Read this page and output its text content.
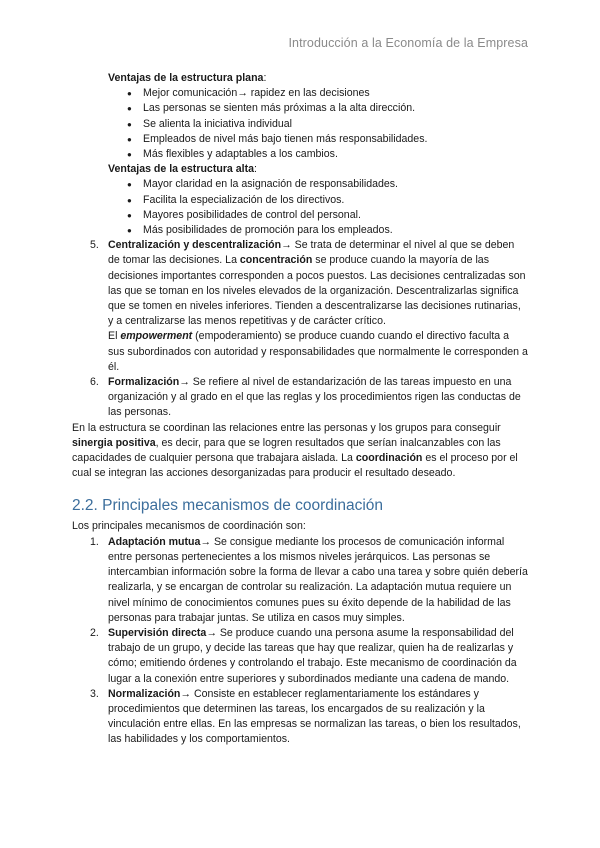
Introducción a la Economía de la Empresa

Ventajas de la estructura plana:

● Mejor comunicación→ rapidez en las decisiones
● Las personas se sienten más próximas a la alta dirección.
● Se alienta la iniciativa individual
● Empleados de nivel más bajo tienen más responsabilidades.
● Más flexibles y adaptables a los cambios.

Ventajas de la estructura alta:

● Mayor claridad en la asignación de responsabilidades.
● Facilita la especialización de los directivos.
● Mayores posibilidades de control del personal.
● Más posibilidades de promoción para los empleados.
5. Centralización y descentralización→ Se trata de determinar el nivel al que se deben de tomar las decisiones. La concentración se produce cuando la mayoría de las decisiones importantes corresponden a pocos puestos. Las decisiones centralizadas son las que se toman en los niveles elevados de la organización. Descentralizarlas significa que se tomen en niveles inferiores. Tienden a descentralizarse las decisiones rutinarias, y a centralizarse las menos repetitivas y de carácter crítico.

El empowerment (empoderamiento) se produce cuando cuando el directivo faculta a sus subordinados con autoridad y responsabilidades que normalmente le corresponden a él.

6. Formalización→ Se refiere al nivel de estandarización de las tareas impuesto en una organización y al grado en el que las reglas y los procedimientos rigen las conductas de las personas.

En la estructura se coordinan las relaciones entre las personas y los grupos para conseguir sinergia positiva, es decir, para que se logren resultados que serían inalcanzables con las capacidades de cualquier persona que trabajara aislada. La coordinación es el proceso por el cual se integran las acciones desorganizadas para producir el resultado deseado.

2.2. Principales mecanismos de coordinación

Los principales mecanismos de coordinación son:

1. Adaptación mutua→ Se consigue mediante los procesos de comunicación informal entre personas pertenecientes a los mismos niveles jerárquicos. Las personas se intercambian información sobre la forma de llevar a cabo una tarea y sobre quién debería realizarla, y se encargan de controlar su realización. La adaptación mutua requiere un nivel mínimo de conocimientos comunes pues su éxito depende de la habilidad de las personas para trabajar juntas. Se utiliza en casos muy simples.

2. Supervisión directa→ Se produce cuando una persona asume la responsabilidad del trabajo de un grupo, y decide las tareas que hay que realizar, quien ha de realizarlas y cómo; emitiendo órdenes y controlando el trabajo. Este mecanismo de coordinación da lugar a la conexión entre superiores y subordinados mediante una cadena de mando.

3. Normalización→ Consiste en establecer reglamentariamente los estándares y procedimientos que determinen las tareas, los encargados de su realización y la vinculación entre ellas. En las empresas se normalizan las tareas, o bien los resultados, las habilidades y los comportamientos.
